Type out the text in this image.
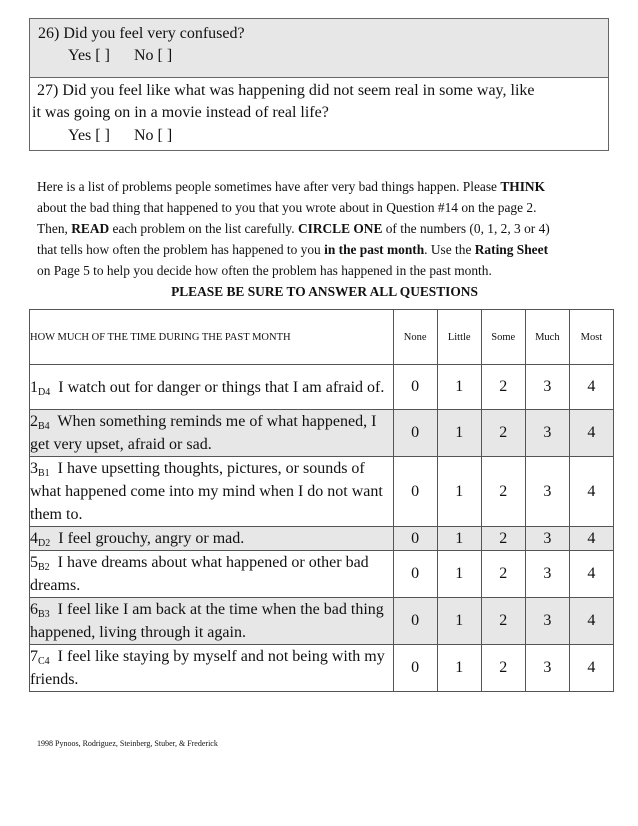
26) Did you feel very confused?
Yes [ ] No [ ]
27) Did you feel like what was happening did not seem real in some way, like
it was going on in a movie instead of real life?
Yes [ ] No [ ]
Here is a list of problems people sometimes have after very bad things happen. Please THINK
about the bad thing that happened to you that you wrote about in Question #14 on the page 2.
Then, READ each problem on the list carefully. CIRCLE ONE of the numbers (0, 1, 2, 3 or 4)
that tells how often the problem has happened to you in the past month. Use the Rating Sheet
on Page 5 to help you decide how often the problem has happened in the past month.
PLEASE BE SURE TO ANSWER ALL QUESTIONS
HOW MUCH OF THE TIME DURING THE PAST MONTH	None	Little	Some	Much	Most
$1_{D4}$  I watch out for danger or things that I am afraid of.	0	1	2	3	4
$2_{B4}$  When something reminds me of what happened, I get very upset, afraid or sad.	0	1	2	3	4
$3_{B1}$  I have upsetting thoughts, pictures, or sounds of what happened come into my mind when I do not want them to.	0	1	2	3	4
$4_{D2}$  I feel grouchy, angry or mad.	0	1	2	3	4
$5_{B2}$  I have dreams about what happened or other bad dreams.	0	1	2	3	4
$6_{B3}$  I feel like I am back at the time when the bad thing happened, living through it again.	0	1	2	3	4
$7_{C4}$  I feel like staying by myself and not being with my friends.	0	1	2	3	4
1998 Pynoos, Rodriguez, Steinberg, Stuber, & Frederick
